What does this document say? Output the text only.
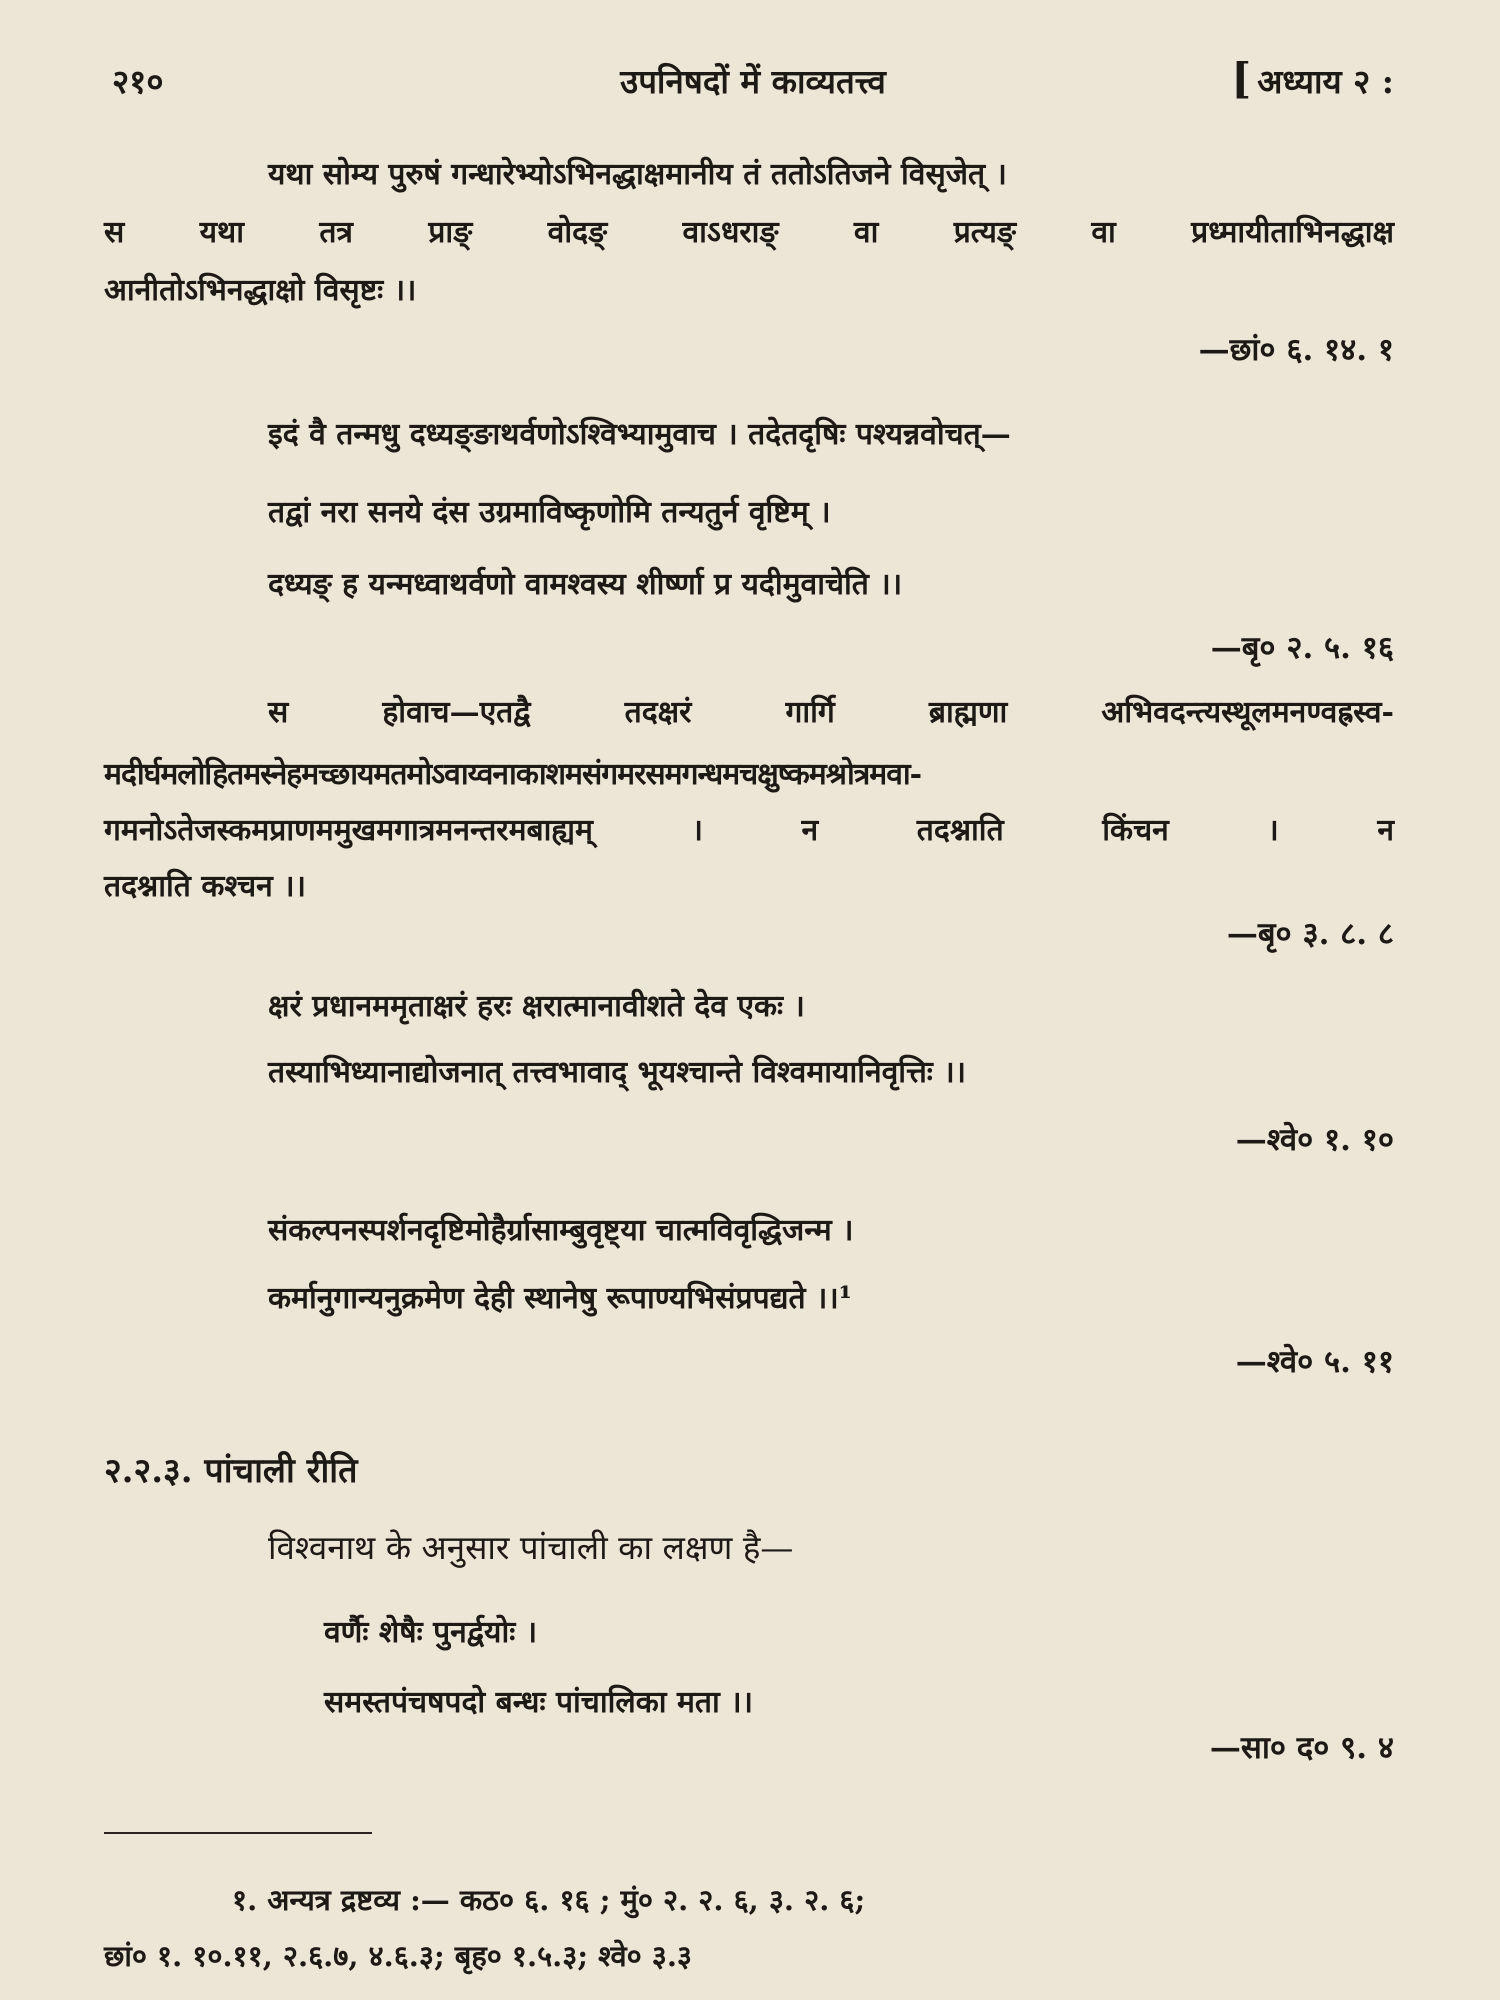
२१०	उपनिषदों में काव्यतत्त्व	[ अध्याय २ :
यथा सोम्य पुरुषं गन्धारेभ्योऽभिनद्धाक्षमानीय तं ततोऽतिजने विसृजेत् ।
स यथा तत्र प्राङ् वोदङ् वाऽधराङ् वा प्रत्यङ् वा प्रध्मायीताभिनद्धाक्ष
आनीतोऽभिनद्धाक्षो विसृष्टः ।।
—छां० ६. १४. १
इदं वै तन्मधु दध्यङ्ङाथर्वणोऽश्विभ्यामुवाच । तदेतदृषिः पश्यन्नवोचत्—
तद्वां नरा सनये दंस उग्रमाविष्कृणोमि तन्यतुर्न वृष्टिम् ।
दध्यङ् ह यन्मध्वाथर्वणो वामश्वस्य शीर्ष्णा प्र यदीमुवाचेति ।।
—बृ० २. ५. १६
स होवाच—एतद्वै तदक्षरं गार्गि ब्राह्मणा अभिवदन्त्यस्थूलमनण्वह्रस्व-
मदीर्घमलोहितमस्नेहमच्छायमतमोऽवाय्वनाकाशमसंगमरसमगन्धमचक्षुष्कमश्रोत्रमवा-
गमनोऽतेजस्कमप्राणममुखमगात्रमनन्तरमबाह्यम् । न तदश्नाति किंचन । न
तदश्नाति कश्चन ।।
—बृ० ३. ८. ८
क्षरं प्रधानममृताक्षरं हरः क्षरात्मानावीशते देव एकः ।
तस्याभिध्यानाद्योजनात् तत्त्वभावाद् भूयश्चान्ते विश्वमायानिवृत्तिः ।।
—श्वे० १. १०
संकल्पनस्पर्शनदृष्टिमोहैर्ग्रासाम्बुवृष्ट्या चात्मविवृद्धिजन्म ।
कर्मानुगान्यनुक्रमेण देही स्थानेषु रूपाण्यभिसंप्रपद्यते ।।¹
—श्वे० ५. ११
२.२.३. पांचाली रीति
विश्वनाथ के अनुसार पांचाली का लक्षण है—
वर्णैः शेषैः पुनर्द्वयोः ।
समस्तपंचषपदो बन्धः पांचालिका मता ।।
—सा० द० ९. ४
१. अन्यत्र द्रष्टव्य :— कठ० ६. १६ ; मुं० २. २. ६, ३. २. ६;
छां० १. १०.११, २.६.७, ४.६.३; बृह० १.५.३; श्वे० ३.३
